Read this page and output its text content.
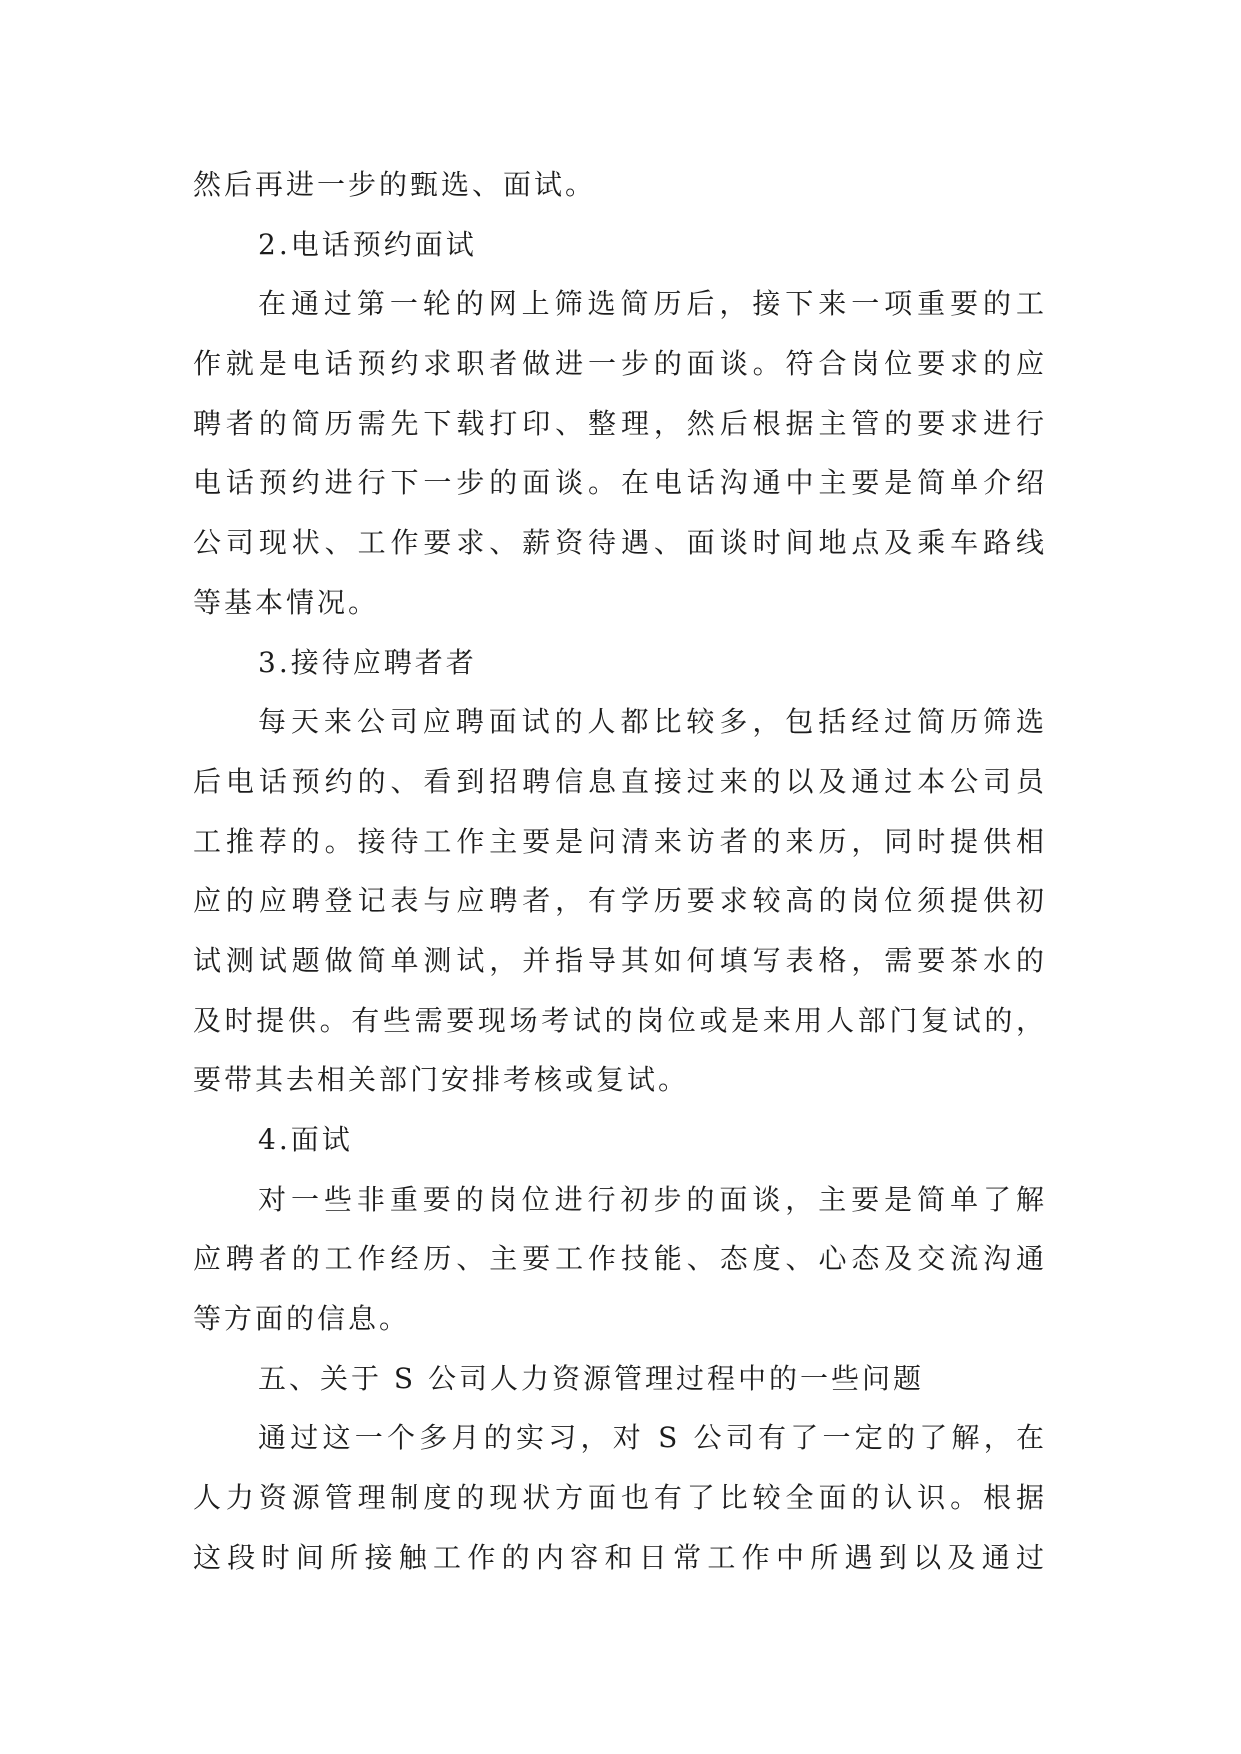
然后再进一步的甄选、面试。
2.电话预约面试
在通过第一轮的网上筛选简历后，接下来一项重要的工
作就是电话预约求职者做进一步的面谈。符合岗位要求的应
聘者的简历需先下载打印、整理，然后根据主管的要求进行
电话预约进行下一步的面谈。在电话沟通中主要是简单介绍
公司现状、工作要求、薪资待遇、面谈时间地点及乘车路线
等基本情况。
3.接待应聘者者
每天来公司应聘面试的人都比较多，包括经过简历筛选
后电话预约的、看到招聘信息直接过来的以及通过本公司员
工推荐的。接待工作主要是问清来访者的来历，同时提供相
应的应聘登记表与应聘者，有学历要求较高的岗位须提供初
试测试题做简单测试，并指导其如何填写表格，需要茶水的
及时提供。有些需要现场考试的岗位或是来用人部门复试的，
要带其去相关部门安排考核或复试。
4.面试
对一些非重要的岗位进行初步的面谈，主要是简单了解
应聘者的工作经历、主要工作技能、态度、心态及交流沟通
等方面的信息。
五、关于 S 公司人力资源管理过程中的一些问题
通过这一个多月的实习，对 S 公司有了一定的了解，在
人力资源管理制度的现状方面也有了比较全面的认识。根据
这段时间所接触工作的内容和日常工作中所遇到以及通过
